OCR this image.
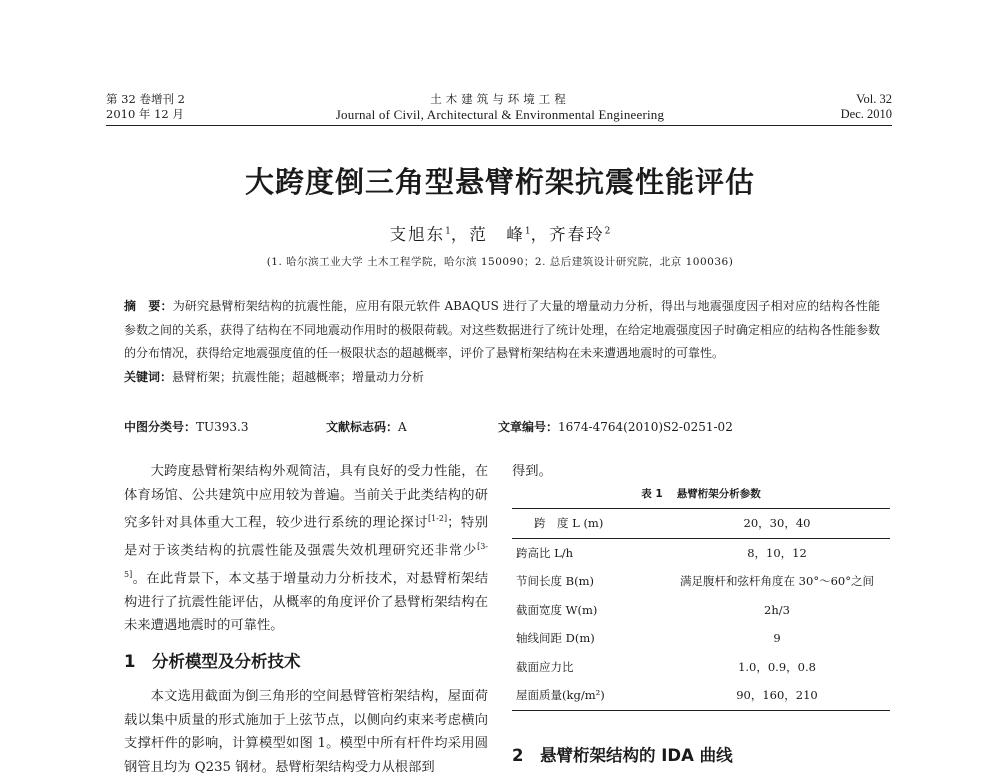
第 32 卷增刊 2
2010 年 12 月
土木建筑与环境工程
Journal of Civil, Architectural & Environmental Engineering
Vol. 32
Dec. 2010
大跨度倒三角型悬臂桁架抗震性能评估
支旭东$^1$，范　峰$^1$，齐春玲$^2$
(1. 哈尔滨工业大学 土木工程学院，哈尔滨 150090；2. 总后建筑设计研究院，北京 100036)
摘　要：为研究悬臂桁架结构的抗震性能，应用有限元软件 ABAQUS 进行了大量的增量动力分析，得出与地震强度因子相对应的结构各性能参数之间的关系，获得了结构在不同地震动作用时的极限荷载。对这些数据进行了统计处理，在给定地震强度因子时确定相应的结构各性能参数的分布情况，获得给定地震强度值的任一极限状态的超越概率，评价了悬臂桁架结构在未来遭遇地震时的可靠性。
关键词：悬臂桁架；抗震性能；超越概率；增量动力分析
中图分类号：TU393.3	文献标志码：A	文章编号：1674-4764(2010)S2-0251-02

大跨度悬臂桁架结构外观简洁，具有良好的受力性能，在体育场馆、公共建筑中应用较为普遍。当前关于此类结构的研究多针对具体重大工程，较少进行系统的理论探讨[1-2]；特别是对于该类结构的抗震性能及强震失效机理研究还非常少[3-5]。在此背景下，本文基于增量动力分析技术，对悬臂桁架结构进行了抗震性能评估，从概率的角度评价了悬臂桁架结构在未来遭遇地震时的可靠性。

1 分析模型及分析技术

本文选用截面为倒三角形的空间悬臂管桁架结构，屋面荷载以集中质量的形式施加于上弦节点，以侧向约束来考虑横向支撑杆件的影响，计算模型如图 1。模型中所有杆件均采用圆钢管且均为 Q235 钢材。悬臂桁架结构受力从根部到

得到。
表 1 悬臂桁架分析参数
跨　度 L (m)	20，30，40
跨高比 L/h	8，10，12
节间长度 B(m)	满足腹杆和弦杆角度在 30°～60°之间
截面宽度 W(m)	2h/3
轴线间距 D(m)	9
截面应力比	1.0，0.9，0.8
屋面质量(kg/m²)	90，160，210
2 悬臂桁架结构的 IDA 曲线
